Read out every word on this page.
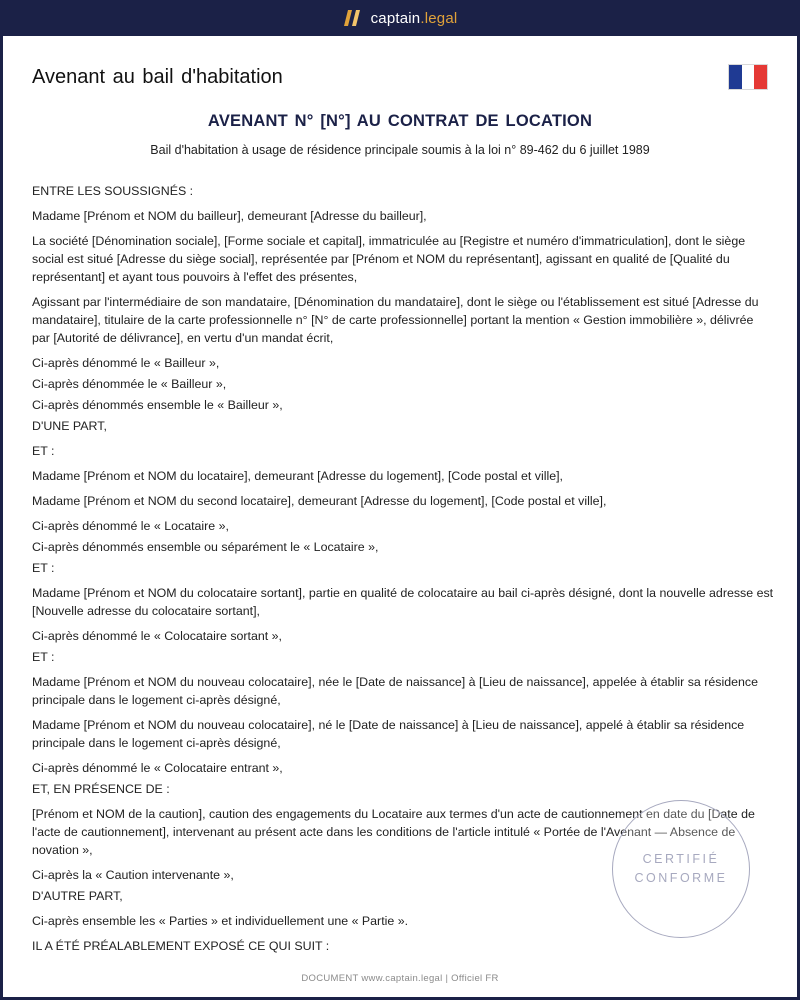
captain .legal
Avenant au bail d'habitation
AVENANT N° [N°] AU CONTRAT DE LOCATION

Bail d'habitation à usage de résidence principale soumis à la loi n° 89-462 du 6 juillet 1989

ENTRE LES SOUSSIGNÉS :

Madame [Prénom et NOM du bailleur], demeurant [Adresse du bailleur],

La société [Dénomination sociale], [Forme sociale et capital], immatriculée au [Registre et numéro d'immatriculation], dont le siège social est situé [Adresse du siège social], représentée par [Prénom et NOM du représentant], agissant en qualité de [Qualité du représentant] et ayant tous pouvoirs à l'effet des présentes,

Agissant par l'intermédiaire de son mandataire, [Dénomination du mandataire], dont le siège ou l'établissement est situé [Adresse du mandataire], titulaire de la carte professionnelle n° [N° de carte professionnelle] portant la mention « Gestion immobilière », délivrée par [Autorité de délivrance], en vertu d'un mandat écrit,

Ci-après dénommé le « Bailleur »,

Ci-après dénommée le « Bailleur »,

Ci-après dénommés ensemble le « Bailleur »,

D'UNE PART,

ET :

Madame [Prénom et NOM du locataire], demeurant [Adresse du logement], [Code postal et ville],

Madame [Prénom et NOM du second locataire], demeurant [Adresse du logement], [Code postal et ville],

Ci-après dénommé le « Locataire »,

Ci-après dénommés ensemble ou séparément le « Locataire »,

ET :

Madame [Prénom et NOM du colocataire sortant], partie en qualité de colocataire au bail ci-après désigné, dont la nouvelle adresse est [Nouvelle adresse du colocataire sortant],

Ci-après dénommé le « Colocataire sortant »,

ET :

Madame [Prénom et NOM du nouveau colocataire], née le [Date de naissance] à [Lieu de naissance], appelée à établir sa résidence principale dans le logement ci-après désigné,

Madame [Prénom et NOM du nouveau colocataire], né le [Date de naissance] à [Lieu de naissance], appelé à établir sa résidence principale dans le logement ci-après désigné,

Ci-après dénommé le « Colocataire entrant »,

ET, EN PRÉSENCE DE :

[Prénom et NOM de la caution], caution des engagements du Locataire aux termes d'un acte de cautionnement en date du [Date de l'acte de cautionnement], intervenant au présent acte dans les conditions de l'article intitulé « Portée de l'Avenant — Absence de novation »,

Ci-après la « Caution intervenante »,

D'AUTRE PART,

Ci-après ensemble les « Parties » et individuellement une « Partie ».

IL A ÉTÉ PRÉALABLEMENT EXPOSÉ CE QUI SUIT :

CERTIFIÉ
CONFORME
DOCUMENT www.captain.legal | Officiel FR
